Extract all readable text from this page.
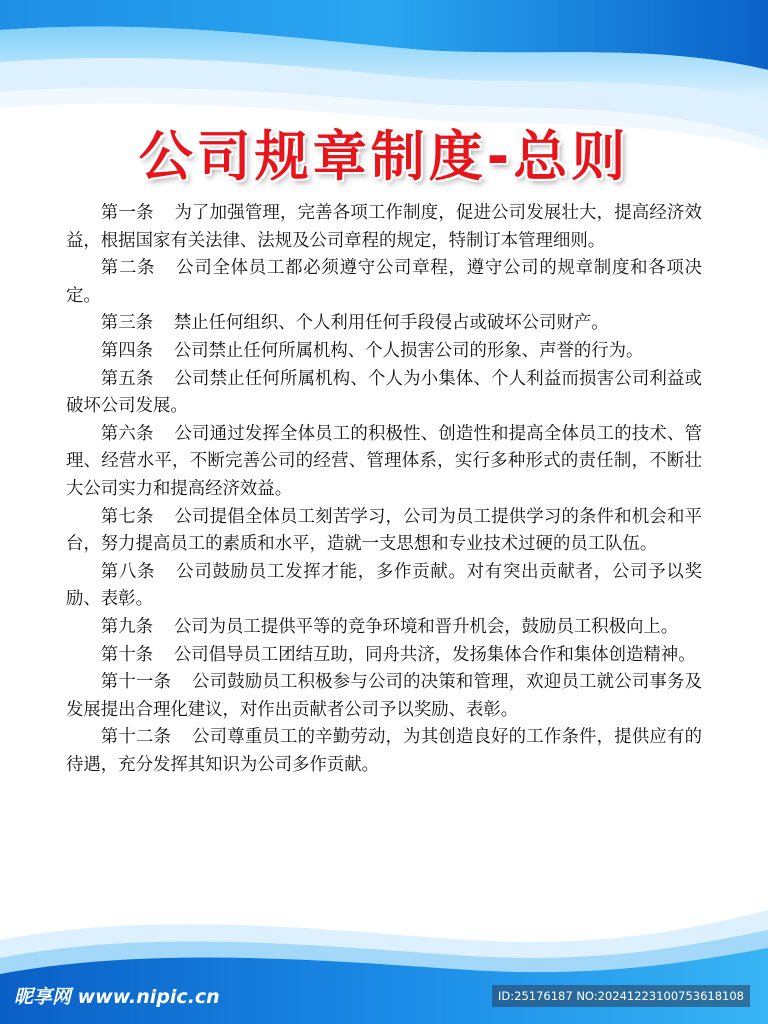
公司规章制度-总则

第一条 为了加强管理，完善各项工作制度，促进公司发展壮大，提高经济效益，根据国家有关法律、法规及公司章程的规定，特制订本管理细则。

第二条 公司全体员工都必须遵守公司章程，遵守公司的规章制度和各项决定。

第三条 禁止任何组织、个人利用任何手段侵占或破坏公司财产。

第四条 公司禁止任何所属机构、个人损害公司的形象、声誉的行为。

第五条 公司禁止任何所属机构、个人为小集体、个人利益而损害公司利益或破坏公司发展。

第六条 公司通过发挥全体员工的积极性、创造性和提高全体员工的技术、管理、经营水平，不断完善公司的经营、管理体系，实行多种形式的责任制，不断壮大公司实力和提高经济效益。

第七条 公司提倡全体员工刻苦学习，公司为员工提供学习的条件和机会和平台，努力提高员工的素质和水平，造就一支思想和专业技术过硬的员工队伍。

第八条 公司鼓励员工发挥才能，多作贡献。对有突出贡献者，公司予以奖励、表彰。

第九条 公司为员工提供平等的竞争环境和晋升机会，鼓励员工积极向上。

第十条 公司倡导员工团结互助，同舟共济，发扬集体合作和集体创造精神。

第十一条 公司鼓励员工积极参与公司的决策和管理，欢迎员工就公司事务及发展提出合理化建议，对作出贡献者公司予以奖励、表彰。

第十二条 公司尊重员工的辛勤劳动，为其创造良好的工作条件，提供应有的待遇，充分发挥其知识为公司多作贡献。

昵享网 www.nipic.cn	ID:25176187 NO:20241223100753618108
